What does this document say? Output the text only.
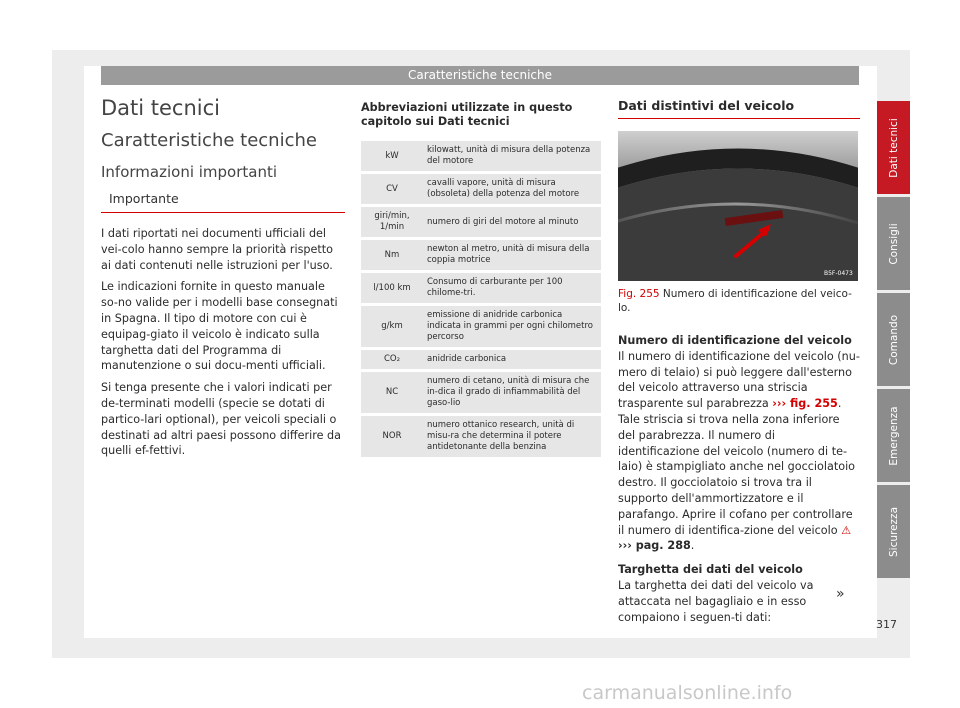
Caratteristiche tecniche
Dati tecnici
Caratteristiche tecniche
Informazioni importanti
Importante

I dati riportati nei documenti ufficiali del vei-colo hanno sempre la priorità rispetto ai dati contenuti nelle istruzioni per l'uso.

Le indicazioni fornite in questo manuale so-no valide per i modelli base consegnati in Spagna. Il tipo di motore con cui è equipag-giato il veicolo è indicato sulla targhetta dati del Programma di manutenzione o sui docu-menti ufficiali.

Si tenga presente che i valori indicati per de-terminati modelli (specie se dotati di partico-lari optional), per veicoli speciali o destinati ad altri paesi possono differire da quelli ef-fettivi.

Abbreviazioni utilizzate in questo capitolo sui Dati tecnici
kW	kilowatt, unità di misura della potenza del motore
CV	cavalli vapore, unità di misura (obsoleta) della potenza del motore
giri/min, 1/min	numero di giri del motore al minuto
Nm	newton al metro, unità di misura della coppia motrice
l/100 km	Consumo di carburante per 100 chilome-tri.
g/km	emissione di anidride carbonica indicata in grammi per ogni chilometro percorso
CO₂	anidride carbonica
NC	numero di cetano, unità di misura che in-dica il grado di infiammabilità del gaso-lio
NOR	numero ottanico research, unità di misu-ra che determina il potere antidetonante della benzina
Dati distintivi del veicolo
B5F-0473
Fig. 255 Numero di identificazione del veico-lo.
Numero di identificazione del veicolo

Il numero di identificazione del veicolo (nu-mero di telaio) si può leggere dall'esterno del veicolo attraverso una striscia trasparente sul parabrezza ››› fig. 255. Tale striscia si trova nella zona inferiore del parabrezza. Il numero di identificazione del veicolo (numero di te-laio) è stampigliato anche nel gocciolatoio destro. Il gocciolatoio si trova tra il supporto dell'ammortizzatore e il parafango. Aprire il cofano per controllare il numero di identifica-zione del veicolo ⚠ ››› pag. 288.

Targhetta dei dati del veicolo

La targhetta dei dati del veicolo va attaccata nel bagagliaio e in esso compaiono i seguen-ti dati:

»
Dati tecnici
Consigli
Comando
Emergenza
Sicurezza
317
carmanualsonline.info
